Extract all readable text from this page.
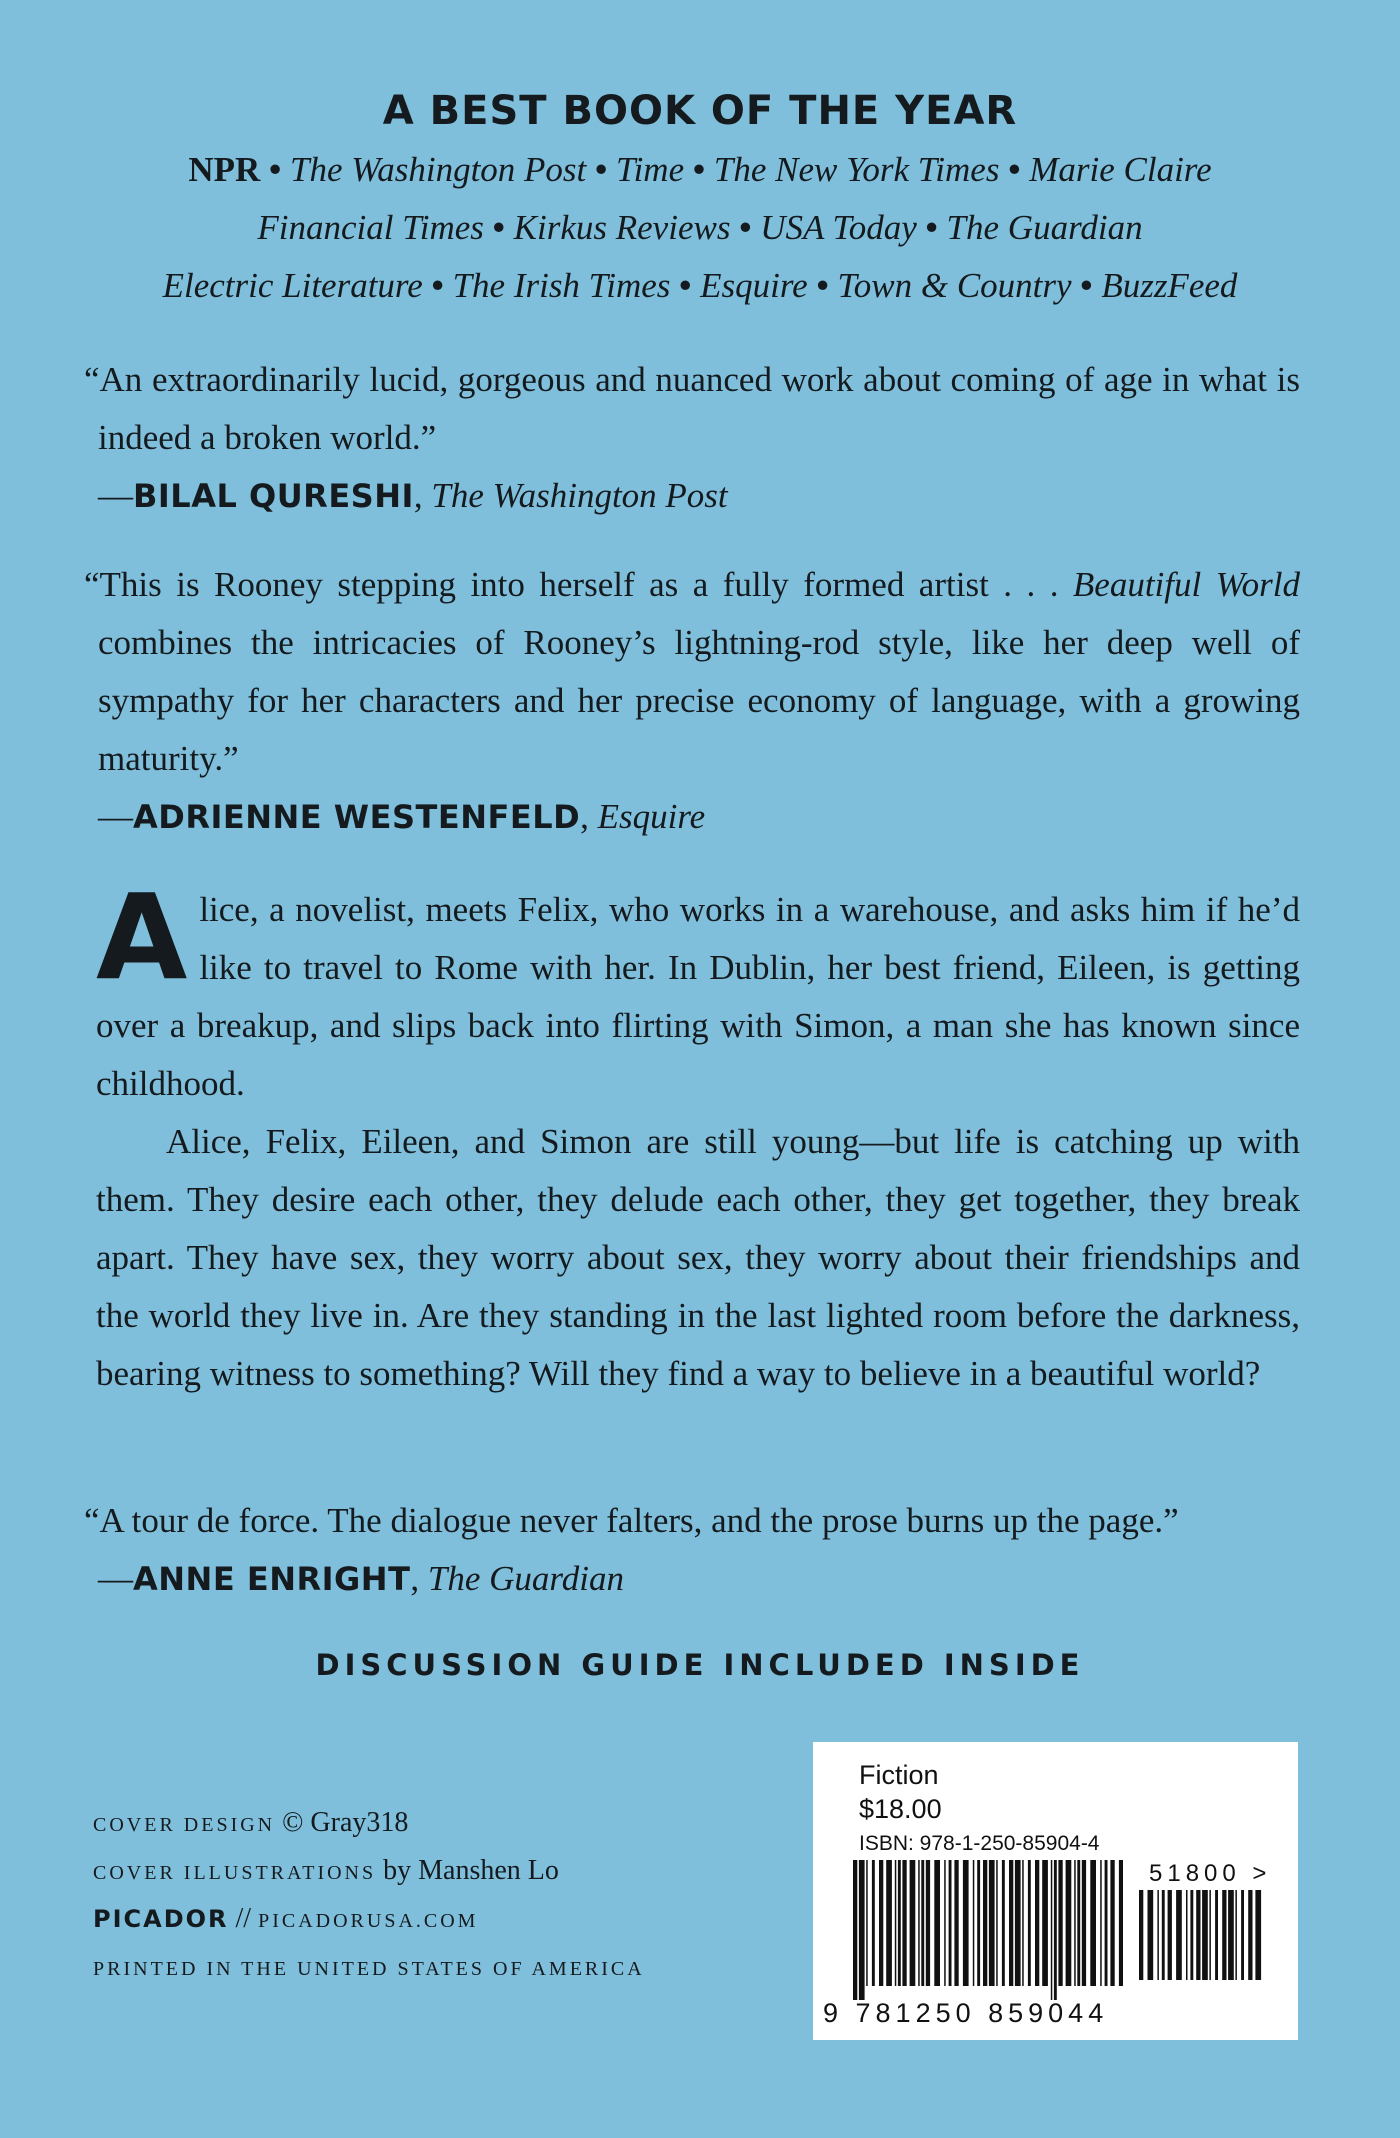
A BEST BOOK OF THE YEAR
NPR • The Washington Post • Time • The New York Times • Marie Claire
Financial Times • Kirkus Reviews • USA Today • The Guardian
Electric Literature • The Irish Times • Esquire • Town & Country • BuzzFeed
“An extraordinarily lucid, gorgeous and nuanced work about coming of age in what is indeed a broken world.”
—BILAL QURESHI, The Washington Post
“This is Rooney stepping into herself as a fully formed artist . . . Beautiful World combines the intricacies of Rooney’s lightning-rod style, like her deep well of sympathy for her characters and her precise economy of language, with a growing maturity.”
—ADRIENNE WESTENFELD, Esquire

Alice, a novelist, meets Felix, who works in a warehouse, and asks him if he’d like to travel to Rome with her. In Dublin, her best friend, Eileen, is getting over a breakup, and slips back into flirting with Simon, a man she has known since childhood.

Alice, Felix, Eileen, and Simon are still young—but life is catching up with them. They desire each other, they delude each other, they get together, they break apart. They have sex, they worry about sex, they worry about their friendships and the world they live in. Are they standing in the last lighted room before the darkness, bearing witness to something? Will they find a way to believe in a beautiful world?

“A tour de force. The dialogue never falters, and the prose burns up the page.”
—ANNE ENRIGHT, The Guardian
DISCUSSION GUIDE INCLUDED INSIDE
COVER DESIGN © Gray318
COVER ILLUSTRATIONS by Manshen Lo
PICADOR // PICADORUSA.COM
PRINTED IN THE UNITED STATES OF AMERICA
Fiction
$18.00
ISBN: 978-1-250-85904-4
51800 >
9 781250 859044
